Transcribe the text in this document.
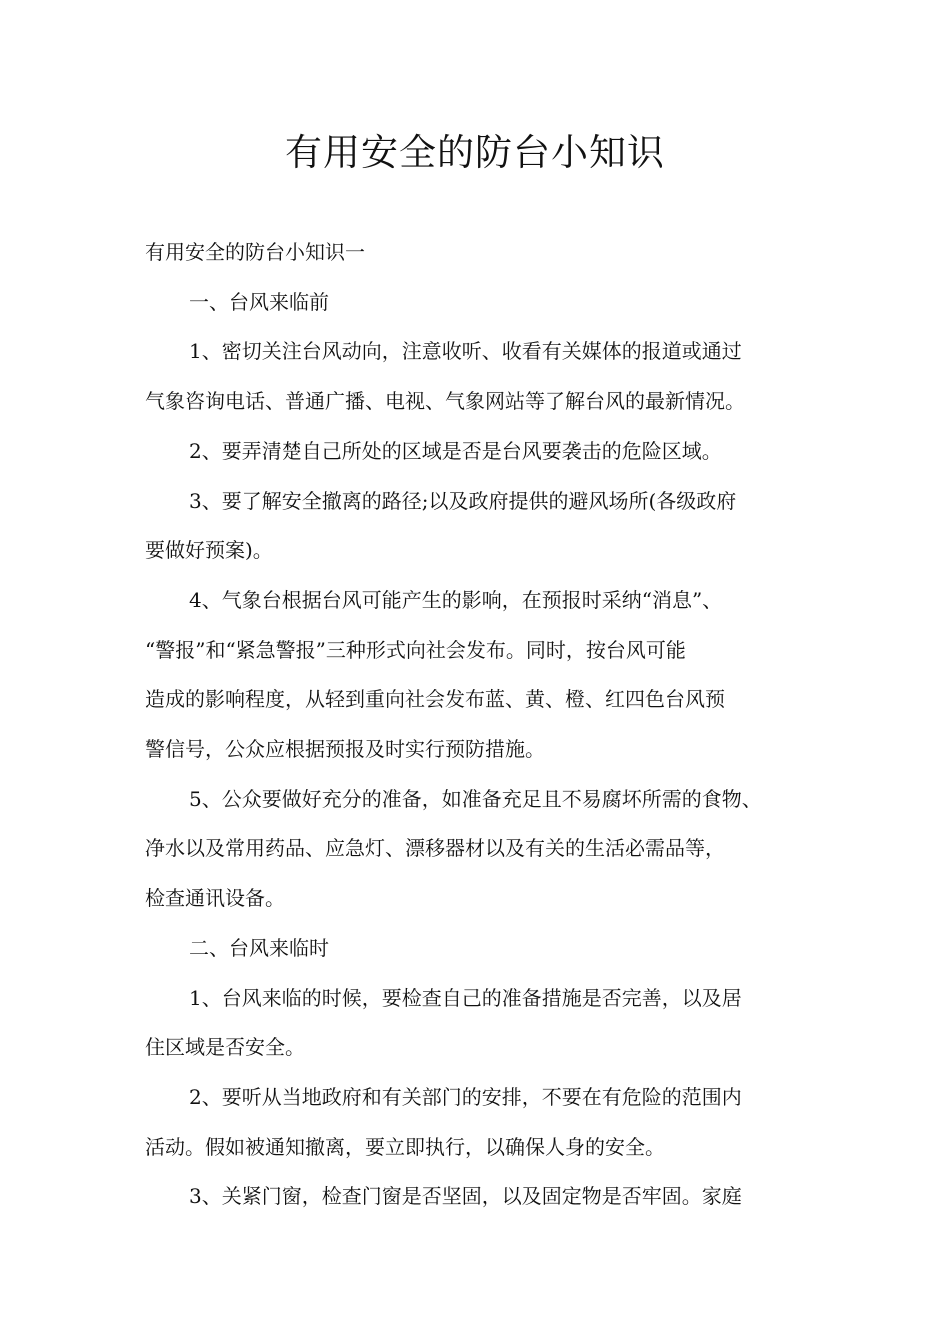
有用安全的防台小知识

有用安全的防台小知识一

一、台风来临前

1、密切关注台风动向，注意收听、收看有关媒体的报道或通过

气象咨询电话、普通广播、电视、气象网站等了解台风的最新情况。

2、要弄清楚自己所处的区域是否是台风要袭击的危险区域。

3、要了解安全撤离的路径;以及政府提供的避风场所(各级政府

要做好预案)。

4、气象台根据台风可能产生的影响，在预报时采纳“消息”、

“警报”和“紧急警报”三种形式向社会发布。同时，按台风可能

造成的影响程度，从轻到重向社会发布蓝、黄、橙、红四色台风预

警信号，公众应根据预报及时实行预防措施。

5、公众要做好充分的准备，如准备充足且不易腐坏所需的食物、

净水以及常用药品、应急灯、漂移器材以及有关的生活必需品等，

检查通讯设备。

二、台风来临时

1、台风来临的时候，要检查自己的准备措施是否完善，以及居

住区域是否安全。

2、要听从当地政府和有关部门的安排，不要在有危险的范围内

活动。假如被通知撤离，要立即执行，以确保人身的安全。

3、关紧门窗，检查门窗是否坚固，以及固定物是否牢固。家庭
